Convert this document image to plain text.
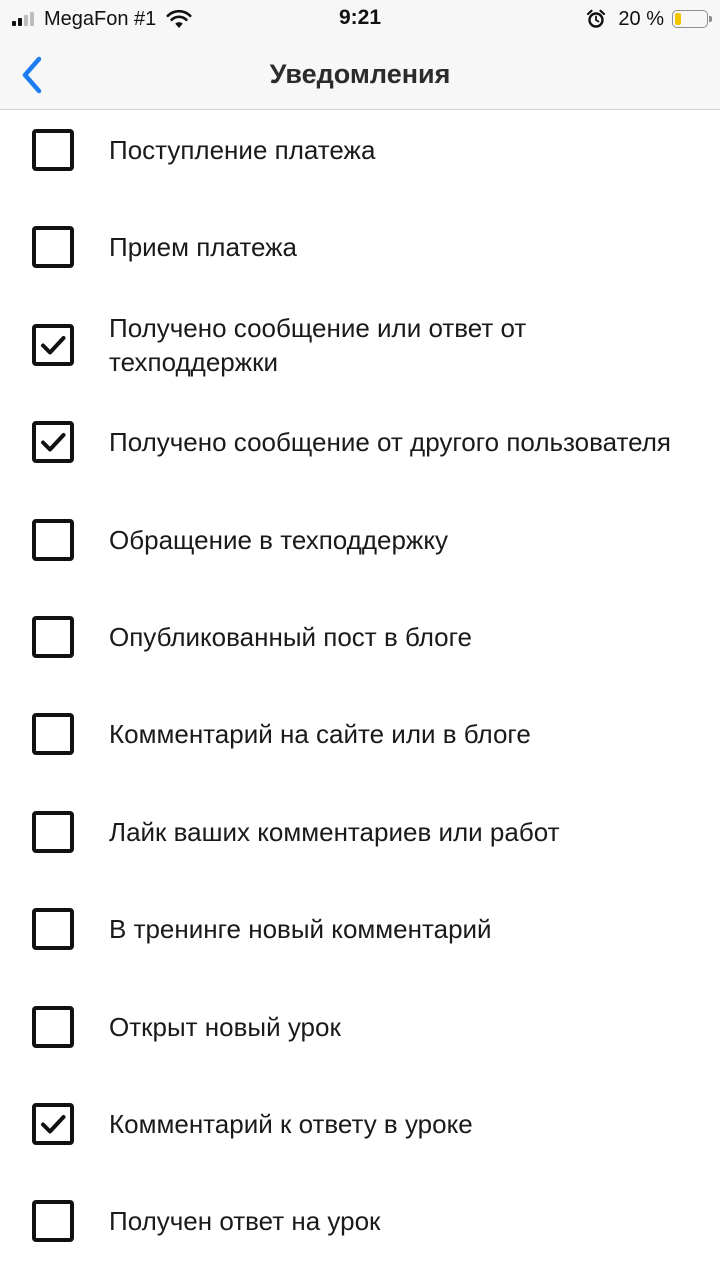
MegaFon #1	9:21	20 %
Уведомления
Поступление платежа
Прием платежа
Получено сообщение или ответ от техподдержки
Получено сообщение от другого пользователя
Обращение в техподдержку
Опубликованный пост в блоге
Комментарий на сайте или в блоге
Лайк ваших комментариев или работ
В тренинге новый комментарий
Открыт новый урок
Комментарий к ответу в уроке
Получен ответ на урок
